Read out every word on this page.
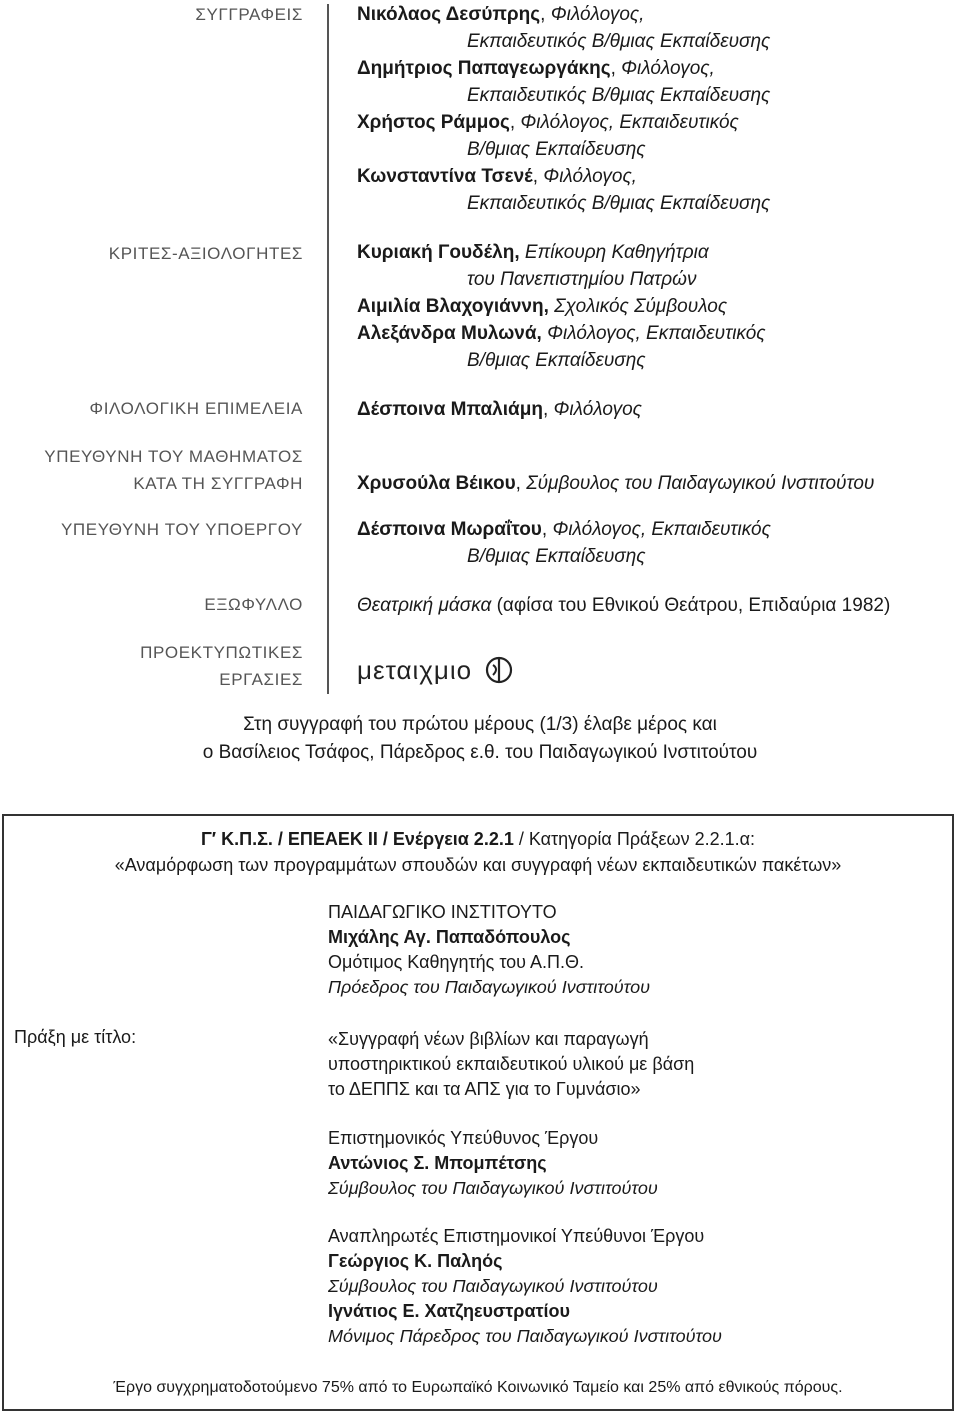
ΣΥΓΓΡΑΦΕΙΣ
ΚΡΙΤΕΣ-ΑΞΙΟΛΟΓΗΤΕΣ
ΦΙΛΟΛΟΓΙΚΗ ΕΠΙΜΕΛΕΙΑ
ΥΠΕΥΘΥΝΗ ΤΟΥ ΜΑΘΗΜΑΤΟΣ
ΚΑΤΑ ΤΗ ΣΥΓΓΡΑΦΗ
ΥΠΕΥΘΥΝΗ ΤΟΥ ΥΠΟΕΡΓΟΥ
ΕΞΩΦΥΛΛΟ
ΠΡΟΕΚΤΥΠΩΤΙΚΕΣ
ΕΡΓΑΣΙΕΣ
Νικόλαος Δεσύπρης, Φιλόλογος,
Εκπαιδευτικός Β/θμιας Εκπαίδευσης
Δημήτριος Παπαγεωργάκης, Φιλόλογος,
Εκπαιδευτικός Β/θμιας Εκπαίδευσης
Χρήστος Ράμμος, Φιλόλογος, Εκπαιδευτικός
Β/θμιας Εκπαίδευσης
Κωνσταντίνα Τσενέ, Φιλόλογος,
Εκπαιδευτικός Β/θμιας Εκπαίδευσης
Κυριακή Γουδέλη, Επίκουρη Καθηγήτρια
του Πανεπιστημίου Πατρών
Αιμιλία Βλαχογιάννη, Σχολικός Σύμβουλος
Αλεξάνδρα Μυλωνά, Φιλόλογος, Εκπαιδευτικός
Β/θμιας Εκπαίδευσης
Δέσποινα Μπαλιάμη, Φιλόλογος
Χρυσούλα Βέικου, Σύμβουλος του Παιδαγωγικού Ινστιτούτου
Δέσποινα Μωραΐτου, Φιλόλογος, Εκπαιδευτικός
Β/θμιας Εκπαίδευσης
Θεατρική μάσκα (αφίσα του Εθνικού Θεάτρου, Επιδαύρια 1982)
μεταιχμιο
Στη συγγραφή του πρώτου μέρους (1/3) έλαβε μέρος και
ο Βασίλειος Τσάφος, Πάρεδρος ε.θ. του Παιδαγωγικού Ινστιτούτου
Γ′ Κ.Π.Σ. / ΕΠΕΑΕΚ ΙΙ / Ενέργεια 2.2.1 / Κατηγορία Πράξεων 2.2.1.α:
«Αναμόρφωση των προγραμμάτων σπουδών και συγγραφή νέων εκπαιδευτικών πακέτων»
ΠΑΙΔΑΓΩΓΙΚΟ ΙΝΣΤΙΤΟΥΤΟ
Μιχάλης Αγ. Παπαδόπουλος
Ομότιμος Καθηγητής του Α.Π.Θ.
Πρόεδρος του Παιδαγωγικού Ινστιτούτου
Πράξη με τίτλο:	«Συγγραφή νέων βιβλίων και παραγωγή
υποστηρικτικού εκπαιδευτικού υλικού με βάση
το ΔΕΠΠΣ και τα ΑΠΣ για το Γυμνάσιο»
Επιστημονικός Υπεύθυνος Έργου
Αντώνιος Σ. Μπομπέτσης
Σύμβουλος του Παιδαγωγικού Ινστιτούτου
Αναπληρωτές Επιστημονικοί Υπεύθυνοι Έργου
Γεώργιος Κ. Παληός
Σύμβουλος του Παιδαγωγικού Ινστιτούτου
Ιγνάτιος Ε. Χατζηευστρατίου
Μόνιμος Πάρεδρος του Παιδαγωγικού Ινστιτούτου
Έργο συγχρηματοδοτούμενο 75% από το Ευρωπαϊκό Κοινωνικό Ταμείο και 25% από εθνικούς πόρους.
